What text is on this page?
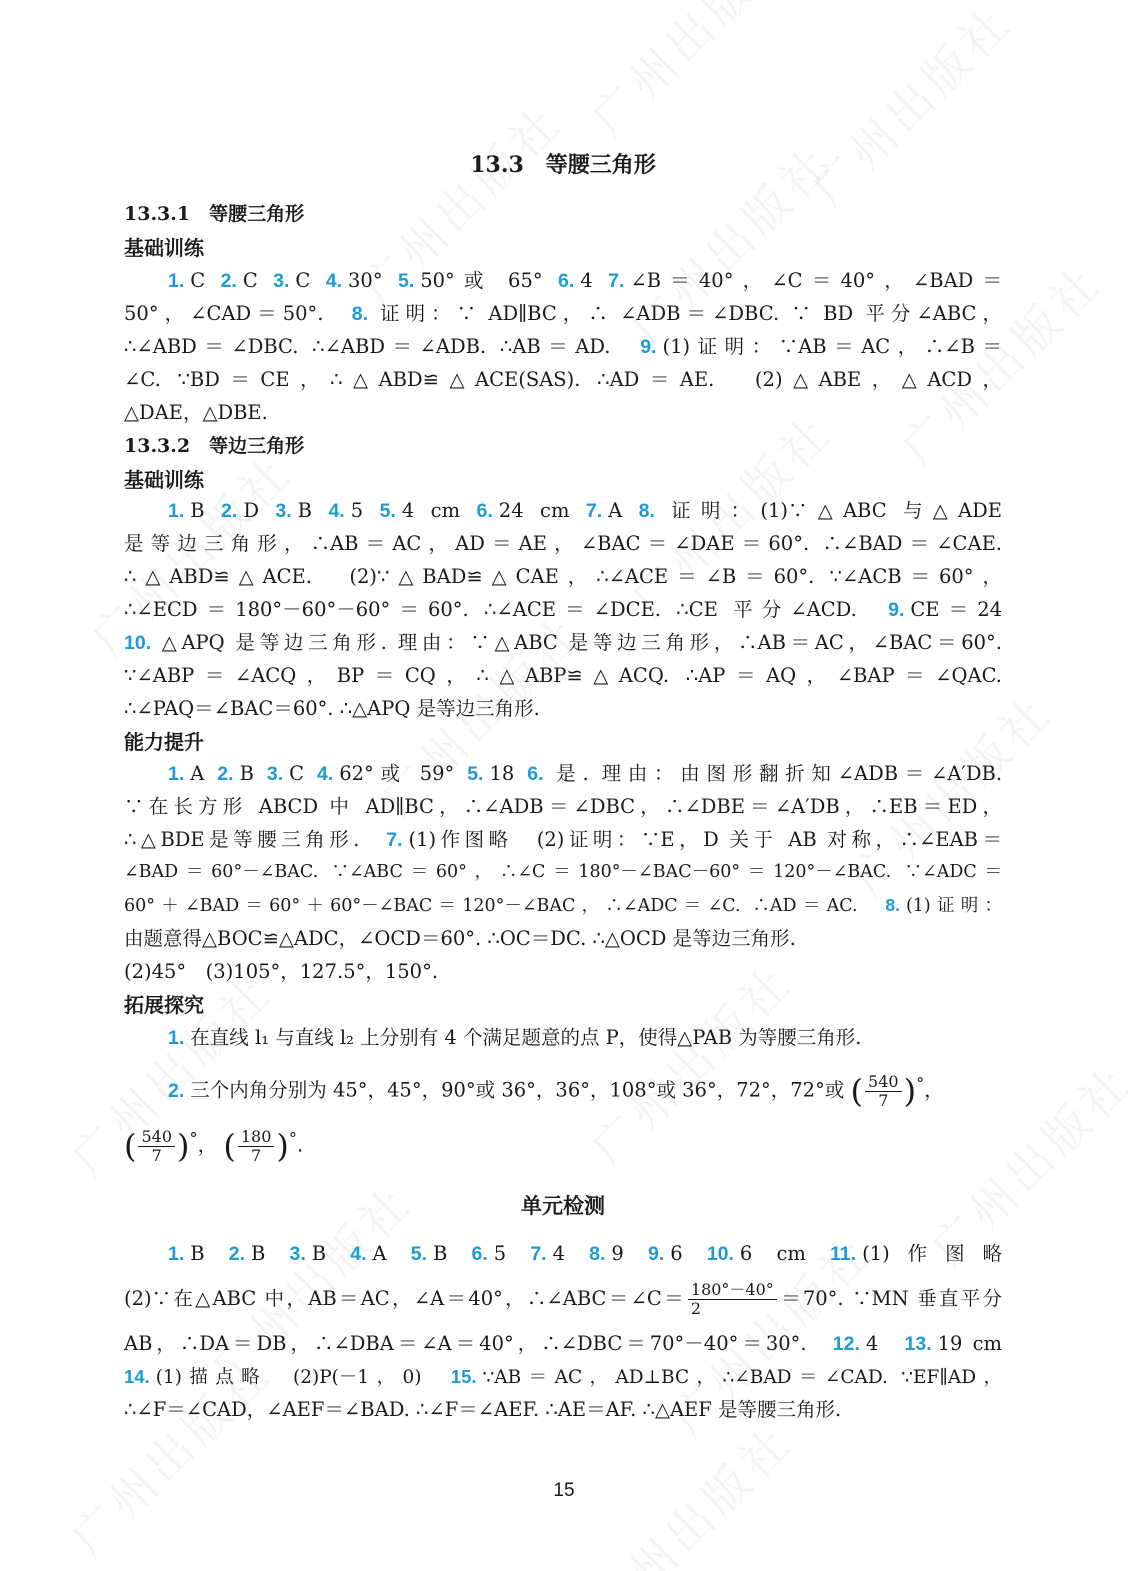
13.3　等腰三角形
13.3.1　等腰三角形
基础训练
1. C 2. C 3. C 4. 30° 5. 50°或 65° 6. 4 7. ∠B＝40°，∠C＝40°，∠BAD＝
50°，∠CAD＝50°. 8. 证明：∵ AD∥BC，∴ ∠ADB＝∠DBC. ∵ BD 平分∠ABC，
∴∠ABD＝∠DBC. ∴∠ABD＝∠ADB. ∴AB＝AD. 9. (1)证明：∵AB＝AC，∴∠B＝
∠C. ∵BD＝CE，∴△ABD≌△ACE(SAS). ∴AD＝AE.　(2)△ABE，△ACD，
△DAE，△DBE.
13.3.2　等边三角形
基础训练
1. B 2. D 3. B 4. 5 5. 4 cm 6. 24 cm 7. A 8. 证明：(1)∵△ABC 与△ADE
是等边三角形，∴AB＝AC，AD＝AE，∠BAC＝∠DAE＝60°. ∴∠BAD＝∠CAE.
∴△ABD≌△ACE.　(2)∵△BAD≌△CAE，∴∠ACE＝∠B＝60°. ∵∠ACB＝60°，
∴∠ECD＝180°－60°－60°＝60°. ∴∠ACE＝∠DCE. ∴CE 平分∠ACD. 9. CE＝24
10. △APQ 是等边三角形. 理由：∵△ABC 是等边三角形，∴AB＝AC，∠BAC＝60°.
∵∠ABP＝∠ACQ，BP＝CQ，∴△ABP≌△ACQ. ∴AP＝AQ，∠BAP＝∠QAC.
∴∠PAQ＝∠BAC＝60°. ∴△APQ 是等边三角形.
能力提升
1. A 2. B 3. C 4. 62°或 59° 5. 18 6. 是. 理由：由图形翻折知∠ADB＝∠A′DB.
∵在长方形 ABCD 中 AD∥BC，∴∠ADB＝∠DBC，∴∠DBE＝∠A′DB，∴EB＝ED，
∴△BDE是等腰三角形. 7. (1)作图略　(2)证明：∵E，D 关于 AB 对称，∴∠EAB＝
∠BAD＝60°－∠BAC. ∵∠ABC＝60°，∴∠C＝180°－∠BAC－60°＝120°－∠BAC. ∵∠ADC＝
60°＋∠BAD＝60°＋60°－∠BAC＝120°－∠BAC，∴∠ADC＝∠C. ∴AD＝AC. 8. (1)证明：
由题意得△BOC≌△ADC，∠OCD＝60°. ∴OC＝DC. ∴△OCD 是等边三角形.
(2)45°　(3)105°，127.5°，150°.
拓展探究
1. 在直线 l₁ 与直线 l₂ 上分别有 4 个满足题意的点 P，使得△PAB 为等腰三角形.
2. 三个内角分别为 45°，45°，90°或 36°，36°，108°或 36°，72°，72°或 ( $\frac{540}{7} )^\circ$，
( $\frac{540}{7} )^\circ$， ( $\frac{180}{7} )^\circ$.
单元检测
1. B 2. B 3. B 4. A 5. B 6. 5 7. 4 8. 9 9. 6 10. 6 cm 11. (1)作图略
(2)∵在△ABC 中，AB＝AC，∠A＝40°，∴∠ABC＝∠C＝ $\frac{180^\circ-40^\circ}{2} =70^\circ$. ∵MN 垂直平分
AB，∴DA＝DB，∴∠DBA＝∠A＝40°，∴∠DBC＝70°－40°＝30°. 12. 4 13. 19 cm
14. (1)描点略　(2)P(－1，0) 15. ∵AB＝AC，AD⊥BC，∴∠BAD＝∠CAD. ∵EF∥AD，
∴∠F＝∠CAD，∠AEF＝∠BAD. ∴∠F＝∠AEF. ∴AE＝AF. ∴△AEF 是等腰三角形.
15
